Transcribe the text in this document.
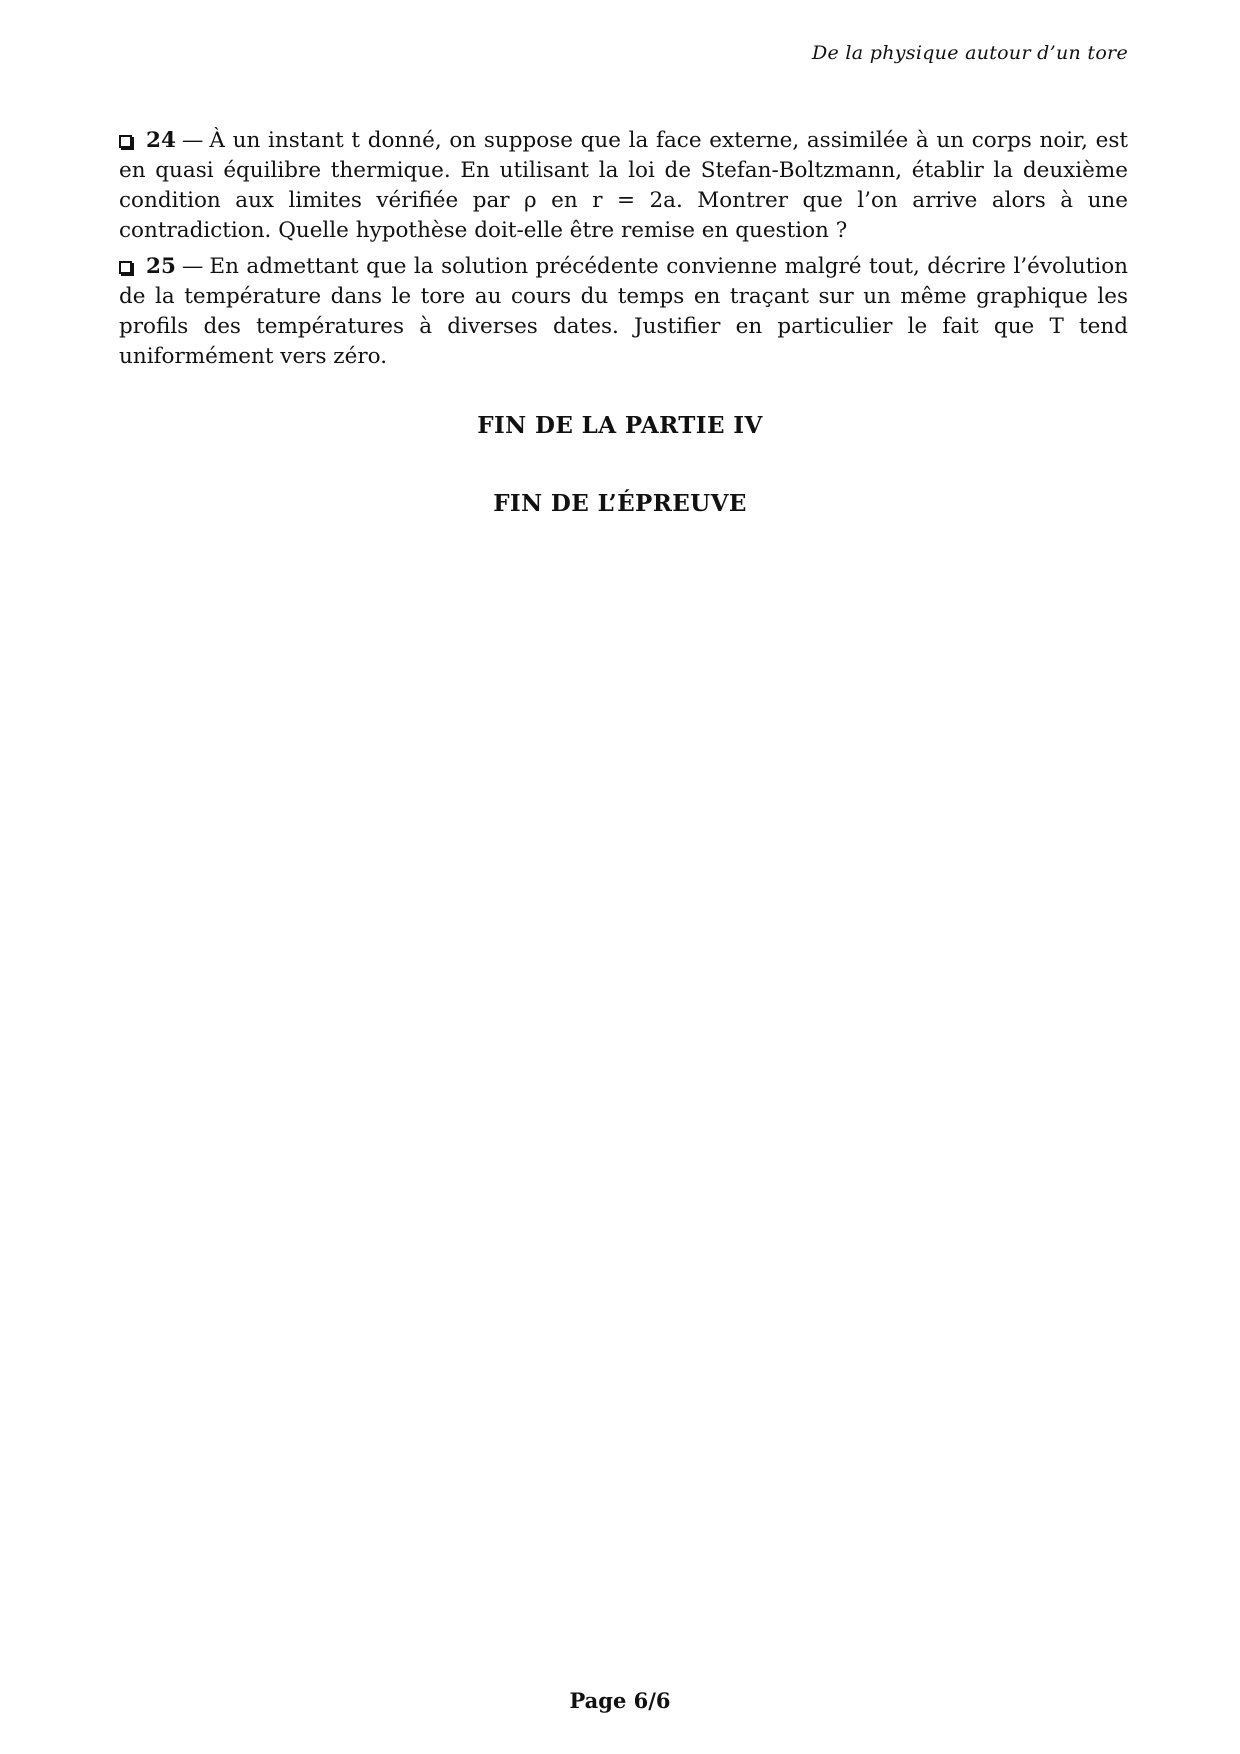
De la physique autour d’un tore

24 — À un instant t donné, on suppose que la face externe, assimilée à un corps noir, est en quasi équilibre thermique. En utilisant la loi de Stefan-Boltzmann, établir la deuxième condition aux limites vérifiée par ρ en r = 2a. Montrer que l’on arrive alors à une contradiction. Quelle hypothèse doit-elle être remise en question ?

25 — En admettant que la solution précédente convienne malgré tout, décrire l’évolution de la température dans le tore au cours du temps en traçant sur un même graphique les profils des températures à diverses dates. Justifier en particulier le fait que T tend uniformément vers zéro.

FIN DE LA PARTIE IV
FIN DE L’ÉPREUVE
Page 6/6
